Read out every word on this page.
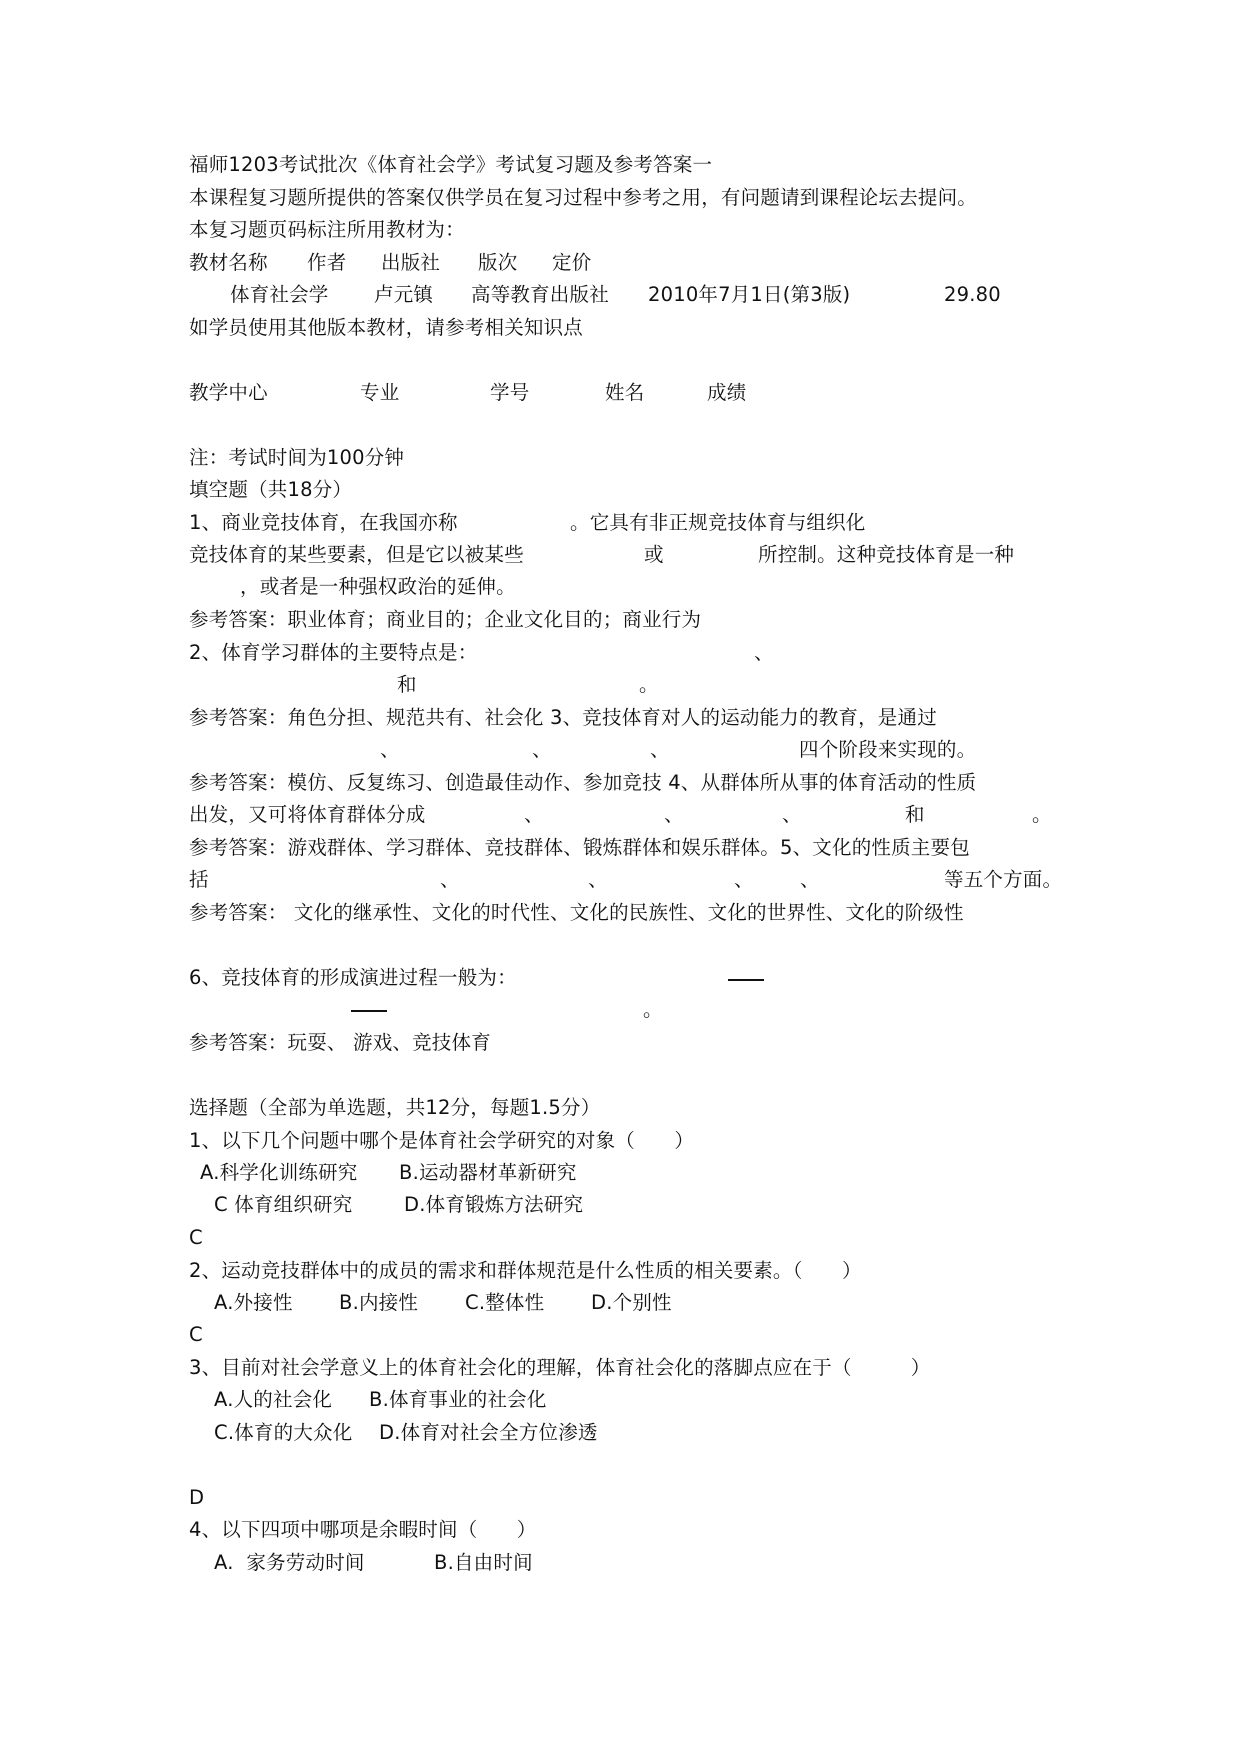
福师1203考试批次《体育社会学》考试复习题及参考答案一
本课程复习题所提供的答案仅供学员在复习过程中参考之用，有问题请到课程论坛去提问。
本复习题页码标注所用教材为：
教材名称 作者 出版社 版次 定价
体育社会学 卢元镇 高等教育出版社 2010年7月1日(第3版)	29.80
如学员使用其他版本教材，请参考相关知识点
教学中心	专业	学号	姓名	成绩
注：考试时间为100分钟
填空题（共18分）
1、商业竞技体育，在我国亦称	。它具有非正规竞技体育与组织化
竞技体育的某些要素，但是它以被某些	或	所控制。这种竞技体育是一种
，或者是一种强权政治的延伸。
参考答案：职业体育；商业目的；企业文化目的；商业行为
2、体育学习群体的主要特点是：	、
和	。
参考答案：角色分担、规范共有、社会化 3、竞技体育对人的运动能力的教育，是通过
、	、	、	四个阶段来实现的。
参考答案：模仿、反复练习、创造最佳动作、参加竞技 4、从群体所从事的体育活动的性质
出发，又可将体育群体分成	、	、	、	和	。
参考答案：游戏群体、学习群体、竞技群体、锻炼群体和娱乐群体。5、文化的性质主要包
括	、	、	、 、	等五个方面。
参考答案： 文化的继承性、文化的时代性、文化的民族性、文化的世界性、文化的阶级性
6、竞技体育的形成演进过程一般为：
。
参考答案：玩耍、 游戏、竞技体育
选择题（全部为单选题，共12分，每题1.5分）
1、以下几个问题中哪个是体育社会学研究的对象（　　）
A.科学化训练研究 B.运动器材革新研究
C 体育组织研究	D.体育锻炼方法研究
C
2、运动竞技群体中的成员的需求和群体规范是什么性质的相关要素。（　　）
A.外接性 B.内接性 C.整体性 D.个别性
C
3、目前对社会学意义上的体育社会化的理解，体育社会化的落脚点应在于（　　　）
A.人的社会化 B.体育事业的社会化
C.体育的大众化 D.体育对社会全方位渗透
D
4、以下四项中哪项是余暇时间（　　）
A.  家务劳动时间	B.自由时间
